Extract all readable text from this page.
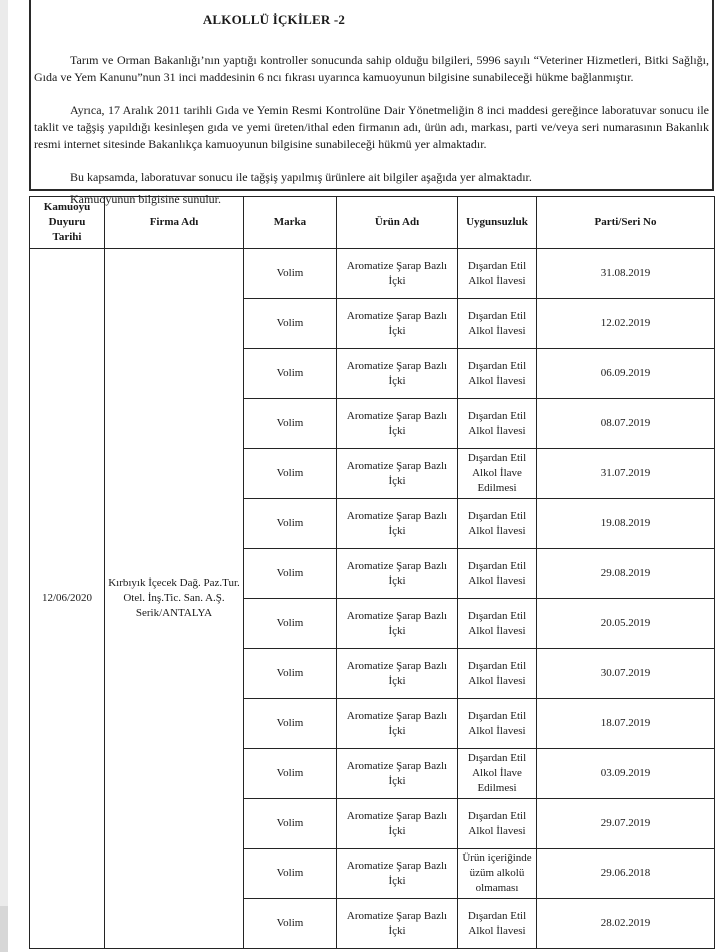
ALKOLLÜ İÇKİLER -2

Tarım ve Orman Bakanlığı’nın yaptığı kontroller sonucunda sahip olduğu bilgileri, 5996 sayılı “Veteriner Hizmetleri, Bitki Sağlığı, Gıda ve Yem Kanunu”nun 31 inci maddesinin 6 ncı fıkrası uyarınca kamuoyunun bilgisine sunabileceği hükme bağlanmıştır.

Ayrıca, 17 Aralık 2011 tarihli Gıda ve Yemin Resmi Kontrolüne Dair Yönetmeliğin 8 inci maddesi gereğince laboratuvar sonucu ile taklit ve tağşiş yapıldığı kesinleşen gıda ve yemi üreten/ithal eden firmanın adı, ürün adı, markası, parti ve/veya seri numarasının Bakanlık resmi internet sitesinde Bakanlıkça kamuoyunun bilgisine sunabileceği hükmü yer almaktadır.

Bu kapsamda, laboratuvar sonucu ile tağşiş yapılmış ürünlere ait bilgiler aşağıda yer almaktadır.

Kamuoyunun bilgisine sunulur.

Kamuoyu Duyuru Tarihi	Firma Adı	Marka	Ürün Adı	Uygunsuzluk	Parti/Seri No
12/06/2020	Kırbıyık İçecek Dağ. Paz.Tur. Otel. İnş.Tic. San. A.Ş. Serik/ANTALYA	Volim	Aromatize Şarap Bazlı İçki	Dışardan Etil Alkol İlavesi	31.08.2019
		Volim	Aromatize Şarap Bazlı İçki	Dışardan Etil Alkol İlavesi	12.02.2019
		Volim	Aromatize Şarap Bazlı İçki	Dışardan Etil Alkol İlavesi	06.09.2019
		Volim	Aromatize Şarap Bazlı İçki	Dışardan Etil Alkol İlavesi	08.07.2019
		Volim	Aromatize Şarap Bazlı İçki	Dışardan Etil Alkol İlave Edilmesi	31.07.2019
		Volim	Aromatize Şarap Bazlı İçki	Dışardan Etil Alkol İlavesi	19.08.2019
		Volim	Aromatize Şarap Bazlı İçki	Dışardan Etil Alkol İlavesi	29.08.2019
		Volim	Aromatize Şarap Bazlı İçki	Dışardan Etil Alkol İlavesi	20.05.2019
		Volim	Aromatize Şarap Bazlı İçki	Dışardan Etil Alkol İlavesi	30.07.2019
		Volim	Aromatize Şarap Bazlı İçki	Dışardan Etil Alkol İlavesi	18.07.2019
		Volim	Aromatize Şarap Bazlı İçki	Dışardan Etil Alkol İlave Edilmesi	03.09.2019
		Volim	Aromatize Şarap Bazlı İçki	Dışardan Etil Alkol İlavesi	29.07.2019
		Volim	Aromatize Şarap Bazlı İçki	Ürün içeriğinde üzüm alkolü olmaması	29.06.2018
		Volim	Aromatize Şarap Bazlı İçki	Dışardan Etil Alkol İlavesi	28.02.2019
